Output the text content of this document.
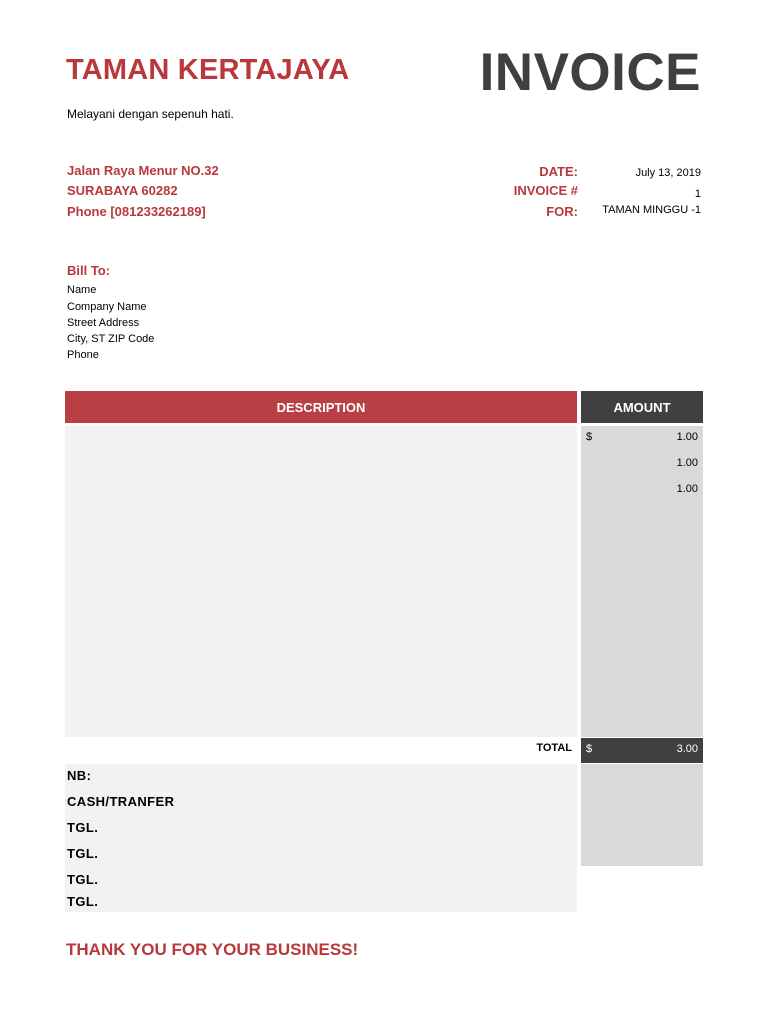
TAMAN KERTAJAYA
Melayani dengan sepenuh hati.
INVOICE
Jalan Raya Menur NO.32
SURABAYA 60282
Phone [081233262189]
DATE:	July 13, 2019
INVOICE #	1
FOR: TAMAN MINGGU -1
Bill To:
Name
Company Name
Street Address
City, ST ZIP Code
Phone
DESCRIPTION	AMOUNT
$	1.00
1.00
1.00
TOTAL $	3.00
NB:
CASH/TRANFER
TGL.
TGL.
TGL.
TGL.
THANK YOU FOR YOUR BUSINESS!
